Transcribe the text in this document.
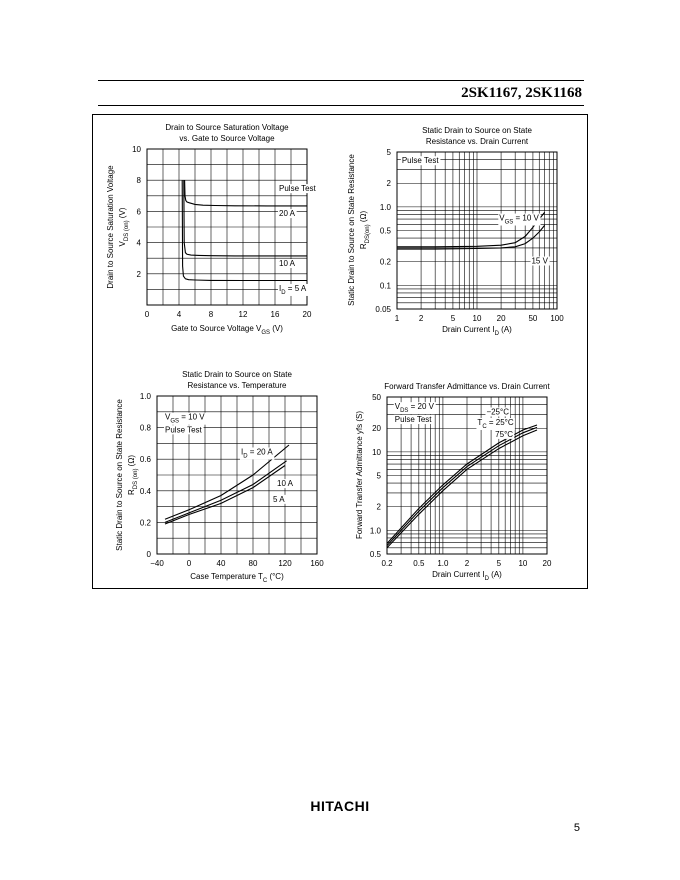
2SK1167, 2SK1168
0	4	8	12	16	20
2
4
6
8
10
Drain to Source Saturation Voltage
vs. Gate to Source Voltage
Gate to Source Voltage $V_{GS}$ (V)
Drain to Source Saturation Voltage $V_{DS (on)}$ (V)
Pulse Test
20 A
10 A
$I_D = 5$ A
1 2	5 10 20	50 100
0.05
0.1
0.2
0.5
1.0
2
5
Static Drain to Source on State
Resistance vs. Drain Current
Drain Current $I_D$ (A)
Static Drain to Source on State Resistance $R_{DS(on)}$ (Ω)
Pulse Test
$V_{GS} = 10$ V
15 V
−40	0	40	80	120 160
0
0.2
0.4
0.6
0.8
1.0
Static Drain to Source on State
Resistance vs. Temperature
Case Temperature $T_C$ (°C)
Static Drain to Source on State Resistance $R_{DS (on)}$ (Ω)
$V_{GS} = 10$ V
Pulse Test
$I_D = 20$ A
10 A
5 A
0.2	0.5 1.0 2	5 10 20
0.5
1.0
2
5
10
20
50
Forward Transfer Admittance vs. Drain Current
Drain Current $I_D$ (A)
Forward Transfer Admittance yfs (S)
$V_{DS} = 20$ V
Pulse Test
−25°C
$T_C = 25^\circ C$
75°C
HITACHI
5
